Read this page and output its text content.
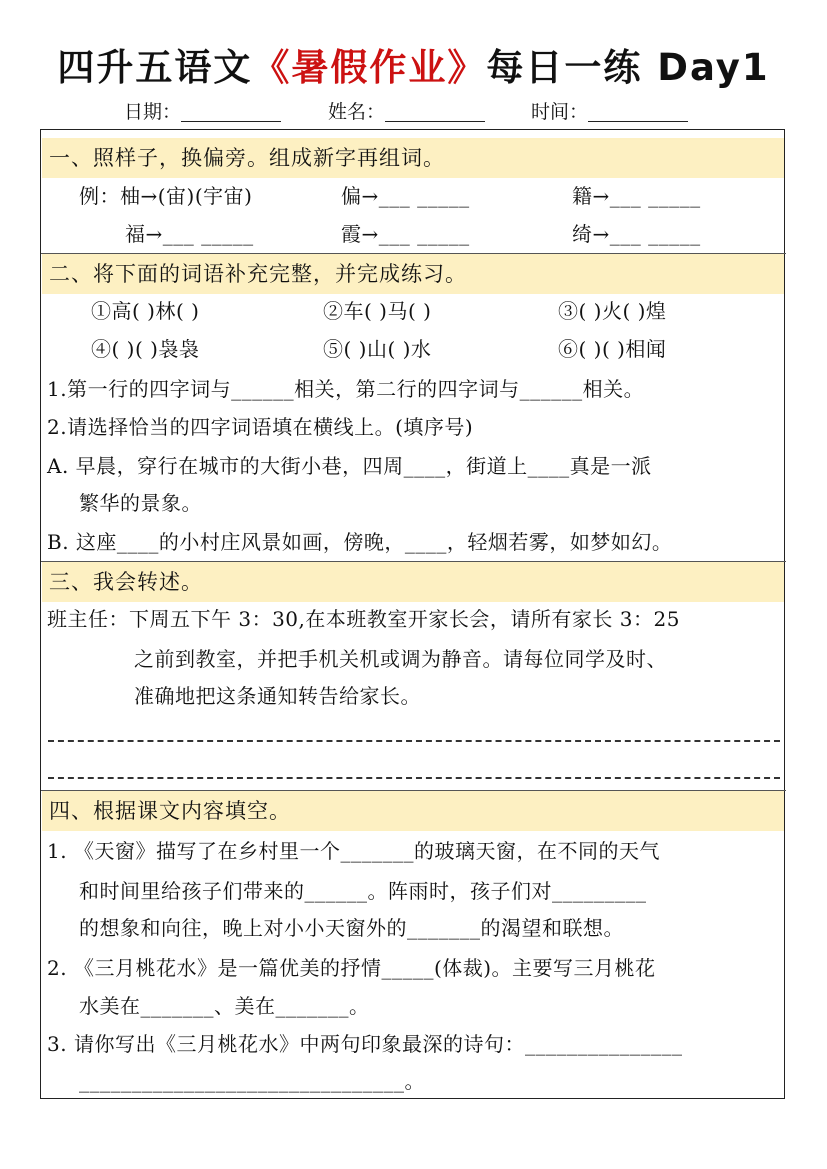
四升五语文《暑假作业》每日一练 Day1
日期：	姓名：	时间：
一、照样子，换偏旁。组成新字再组词。
例：柚→(宙)(宇宙)	偏→___ _____	籍→___ _____
福→___ _____	霞→___ _____	绮→___ _____
二、将下面的词语补充完整，并完成练习。
①高( )林( )	②车( )马( )	③( )火( )煌
④( )( )袅袅	⑤( )山( )水	⑥( )( )相闻
1.第一行的四字词与______相关，第二行的四字词与______相关。
2.请选择恰当的四字词语填在横线上。(填序号)
A. 早晨，穿行在城市的大街小巷，四周____，街道上____真是一派
繁华的景象。
B. 这座____的小村庄风景如画，傍晚，____，轻烟若雾，如梦如幻。
三、我会转述。
班主任：下周五下午 3：30,在本班教室开家长会，请所有家长 3：25
之前到教室，并把手机关机或调为静音。请每位同学及时、
准确地把这条通知转告给家长。
四、根据课文内容填空。
1. 《天窗》描写了在乡村里一个_______的玻璃天窗，在不同的天气
和时间里给孩子们带来的______。阵雨时，孩子们对_________
的想象和向往，晚上对小小天窗外的_______的渴望和联想。
2. 《三月桃花水》是一篇优美的抒情_____(体裁)。主要写三月桃花
水美在_______、美在_______。
3. 请你写出《三月桃花水》中两句印象最深的诗句：_______________
_______________________________。
